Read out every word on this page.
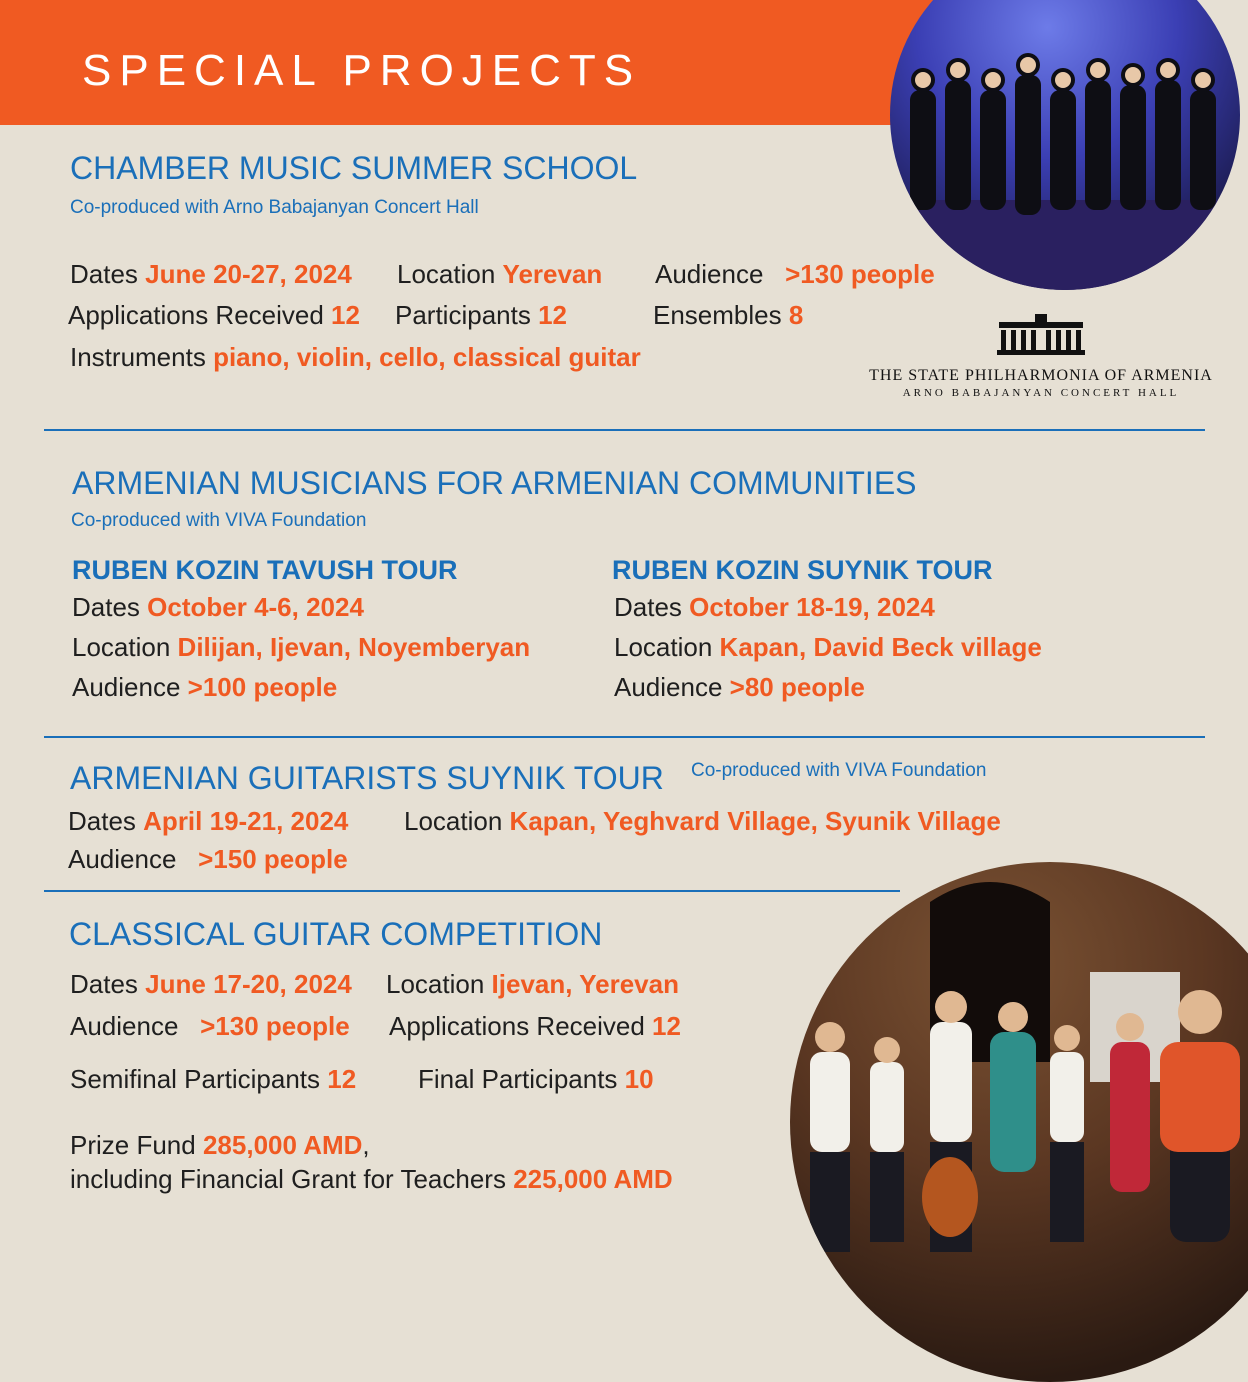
SPECIAL PROJECTS
CHAMBER MUSIC SUMMER SCHOOL
Co-produced with Arno Babajanyan Concert Hall
Dates June 20-27, 2024 Location Yerevan Audience >130 people
Applications Received 12 Participants 12	Ensembles 8
Instruments piano, violin, cello, classical guitar
THE STATE PHILHARMONIA OF ARMENIA
ARNO BABAJANYAN CONCERT HALL
ARMENIAN MUSICIANS FOR ARMENIAN COMMUNITIES
Co-produced with VIVA Foundation
RUBEN KOZIN TAVUSH TOUR
Dates October 4-6, 2024
Location Dilijan, Ijevan, Noyemberyan
Audience >100 people
RUBEN KOZIN SUYNIK TOUR
Dates October 18-19, 2024
Location Kapan, David Beck village
Audience >80 people
ARMENIAN GUITARISTS SUYNIK TOUR Co-produced with VIVA Foundation
Dates April 19-21, 2024 Location Kapan, Yeghvard Village, Syunik Village
Audience >150 people
CLASSICAL GUITAR COMPETITION
Dates June 17-20, 2024 Location Ijevan, Yerevan
Audience >130 people Applications Received 12
Semifinal Participants 12 Final Participants 10
Prize Fund 285,000 AMD,
including Financial Grant for Teachers 225,000 AMD
